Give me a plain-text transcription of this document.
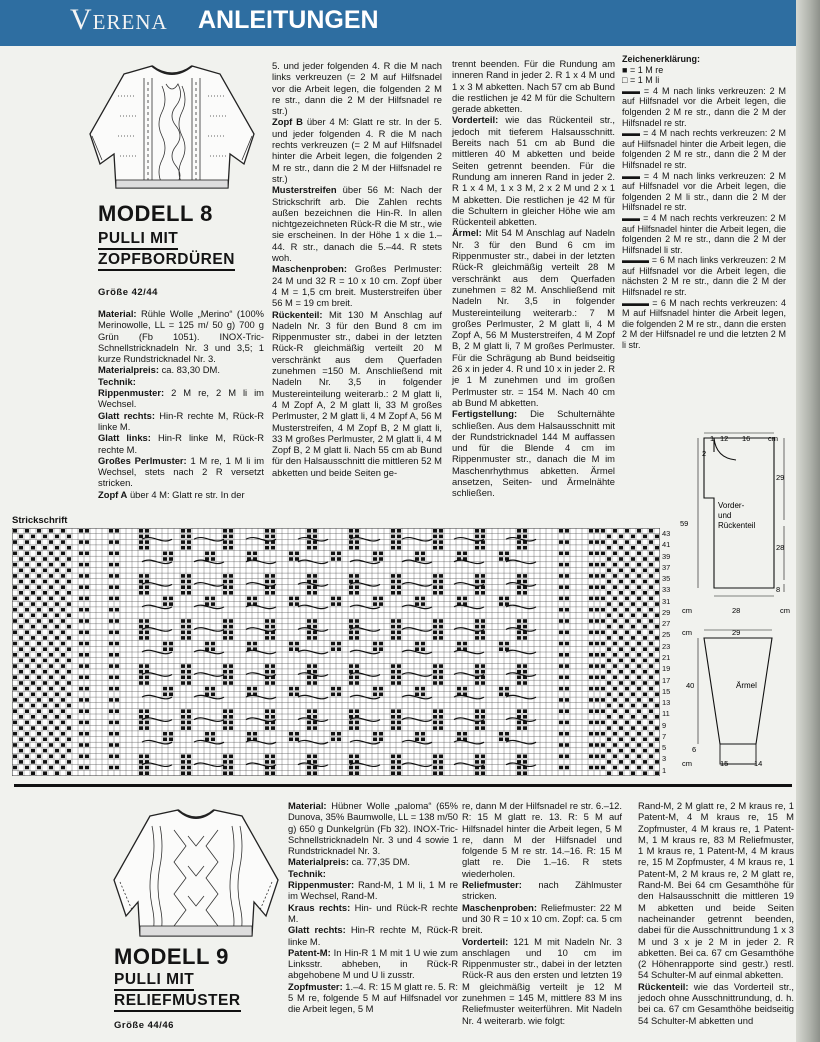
Verena ANLEITUNGEN
MODELL 8
PULLI MIT
ZOPFBORDÜREN
Größe 42/44

Material: Rühle Wolle „Merino“ (100% Merinowolle, LL = 125 m/ 50 g) 700 g Grün (Fb 1051). INOX-Tric-Schnellstricknadeln Nr. 3 und 3,5; 1 kurze Rundstricknadel Nr. 3.

Materialpreis: ca. 83,30 DM.

Technik:

Rippenmuster: 2 M re, 2 M li im Wechsel.

Glatt rechts: Hin-R rechte M, Rück-R linke M.

Glatt links: Hin-R linke M, Rück-R rechte M.

Großes Perlmuster: 1 M re, 1 M li im Wechsel, stets nach 2 R versetzt stricken.

Zopf A über 4 M: Glatt re str. In der

5. und jeder folgenden 4. R die M nach links verkreuzen (= 2 M auf Hilfsnadel vor die Arbeit legen, die folgenden 2 M re str., dann die 2 M der Hilfsnadel re str.)

Zopf B über 4 M: Glatt re str. In der 5. und jeder folgenden 4. R die M nach rechts verkreuzen (= 2 M auf Hilfsnadel hinter die Arbeit legen, die folgenden 2 M re str., dann die 2 M der Hilfsnadel re str.)

Musterstreifen über 56 M: Nach der Strickschrift arb. Die Zahlen rechts außen bezeichnen die Hin-R. In allen nichtgezeichneten Rück-R die M str., wie sie erscheinen. In der Höhe 1 x die 1.–44. R str., danach die 5.–44. R stets woh.

Maschenproben: Großes Perlmuster: 24 M und 32 R = 10 x 10 cm. Zopf über 4 M = 1,5 cm breit. Musterstreifen über 56 M = 19 cm breit.

Rückenteil: Mit 130 M Anschlag auf Nadeln Nr. 3 für den Bund 8 cm im Rippenmuster str., dabei in der letzten Rück-R gleichmäßig verteilt 20 M verschränkt aus dem Querfaden zunehmen =150 M. Anschließend mit Nadeln Nr. 3,5 in folgender Mustereinteilung weiterarb.: 2 M glatt li, 4 M Zopf A, 2 M glatt li, 33 M großes Perlmuster, 2 M glatt li, 4 M Zopf A, 56 M Musterstreifen, 4 M Zopf B, 2 M glatt li, 33 M großes Perlmuster, 2 M glatt li, 4 M Zopf B, 2 M glatt li. Nach 55 cm ab Bund für den Halsausschnitt die mittleren 52 M abketten und beide Seiten ge-

trennt beenden. Für die Rundung am inneren Rand in jeder 2. R 1 x 4 M und 1 x 3 M abketten. Nach 57 cm ab Bund die restlichen je 42 M für die Schultern gerade abketten.

Vorderteil: wie das Rückenteil str., jedoch mit tieferem Halsausschnitt. Bereits nach 51 cm ab Bund die mittleren 40 M abketten und beide Seiten getrennt beenden. Für die Rundung am inneren Rand in jeder 2. R 1 x 4 M, 1 x 3 M, 2 x 2 M und 2 x 1 M abketten. Die restlichen je 42 M für die Schultern in gleicher Höhe wie am Rückenteil abketten.

Ärmel: Mit 54 M Anschlag auf Nadeln Nr. 3 für den Bund 6 cm im Rippenmuster str., dabei in der letzten Rück-R gleichmäßig verteilt 28 M verschränkt aus dem Querfaden zunehmen = 82 M. Anschließend mit Nadeln Nr. 3,5 in folgender Mustereinteilung weiterarb.: 7 M großes Perlmuster, 2 M glatt li, 4 M Zopf A, 56 M Musterstreifen, 4 M Zopf B, 2 M glatt li, 7 M großes Perlmuster. Für die Schrägung ab Bund beidseitig 26 x in jeder 4. R und 10 x in jeder 2. R je 1 M zunehmen und im großen Perlmuster str. = 154 M. Nach 40 cm ab Bund M abketten.

Fertigstellung: Die Schulternähte schließen. Aus dem Halsausschnitt mit der Rundstricknadel 144 M auffassen und für die Blende 4 cm im Rippenmuster str., danach die M im Maschenrhythmus abketten. Ärmel ansetzen, Seiten- und Ärmelnähte schließen.

Zeichenerklärung:

■ = 1 M re

□ = 1 M li

▬▬ = 4 M nach links verkreuzen: 2 M auf Hilfsnadel vor die Arbeit legen, die folgenden 2 M re str., dann die 2 M der Hilfsnadel re str.

▬▬ = 4 M nach rechts verkreuzen: 2 M auf Hilfsnadel hinter die Arbeit legen, die folgenden 2 M re str., dann die 2 M der Hilfsnadel re str.

▬▬ = 4 M nach links verkreuzen: 2 M auf Hilfsnadel vor die Arbeit legen, die folgenden 2 M li str., dann die 2 M der Hilfsnadel re str.

▬▬ = 4 M nach rechts verkreuzen: 2 M auf Hilfsnadel hinter die Arbeit legen, die folgenden 2 M re str., dann die 2 M der Hilfsnadel li str.

▬▬▬ = 6 M nach links verkreuzen: 2 M auf Hilfsnadel vor die Arbeit legen, die nächsten 2 M re str., dann die 2 M der Hilfsnadel re str.

▬▬▬ = 6 M nach rechts verkreuzen: 4 M auf Hilfsnadel hinter die Arbeit legen, die folgenden 2 M re str., dann die ersten 2 M der Hilfsnadel re und die letzten 2 M li str.

1 12 16 cm
2
59
29
28
8
Vorder-
und
Rückenteil
cm	28	cm
cm	29
40	Ärmel
6
cm	15	14
Strickschrift
43
41
39
37
35
33
31
29
27
25
23
21
19
17
15
13
11
9
7
5
3
1
MODELL 9
PULLI MIT
RELIEFMUSTER
Größe 44/46

Material: Hübner Wolle „paloma“ (65% Dunova, 35% Baumwolle, LL = 138 m/50 g) 650 g Dunkelgrün (Fb 32). INOX-Tric-Schnellstricknadeln Nr. 3 und 4 sowie 1 Rundstricknadel Nr. 3.

Materialpreis: ca. 77,35 DM.

Technik:

Rippenmuster: Rand-M, 1 M li, 1 M re im Wechsel, Rand-M.

Kraus rechts: Hin- und Rück-R rechte M.

Glatt rechts: Hin-R rechte M, Rück-R linke M.

Patent-M: In Hin-R 1 M mit 1 U wie zum Linksstr. abheben, in Rück-R abgehobene M und U li zusstr.

Zopfmuster: 1.–4. R: 15 M glatt re. 5. R: 5 M re, folgende 5 M auf Hilfsnadel vor die Arbeit legen, 5 M

re, dann M der Hilfsnadel re str. 6.–12. R: 15 M glatt re. 13. R: 5 M auf Hilfsnadel hinter die Arbeit legen, 5 M re, dann M der Hilfsnadel und folgende 5 M re str. 14.–16. R: 15 M glatt re. Die 1.–16. R stets wiederholen.

Reliefmuster: nach Zählmuster stricken.

Maschenproben: Reliefmuster: 22 M und 30 R = 10 x 10 cm. Zopf: ca. 5 cm breit.

Vorderteil: 121 M mit Nadeln Nr. 3 anschlagen und 10 cm im Rippenmuster str., dabei in der letzten Rück-R aus den ersten und letzten 19 M gleichmäßig verteilt je 12 M zunehmen = 145 M, mittlere 83 M ins Reliefmuster weiterführen. Mit Nadeln Nr. 4 weiterarb. wie folgt:

Rand-M, 2 M glatt re, 2 M kraus re, 1 Patent-M, 4 M kraus re, 15 M Zopfmuster, 4 M kraus re, 1 Patent-M, 1 M kraus re, 83 M Reliefmuster, 1 M kraus re, 1 Patent-M, 4 M kraus re, 15 M Zopfmuster, 4 M kraus re, 1 Patent-M, 2 M kraus re, 2 M glatt re, Rand-M. Bei 64 cm Gesamthöhe für den Halsausschnitt die mittleren 19 M abketten und beide Seiten nacheinander getrennt beenden, dabei für die Ausschnittrundung 1 x 3 M und 3 x je 2 M in jeder 2. R abketten. Bei ca. 67 cm Gesamthöhe (2 Höhenrapporte sind gestr.) restl. 54 Schulter-M auf einmal abketten.

Rückenteil: wie das Vorderteil str., jedoch ohne Ausschnittrundung, d. h. bei ca. 67 cm Gesamthöhe beidseitig 54 Schulter-M abketten und
